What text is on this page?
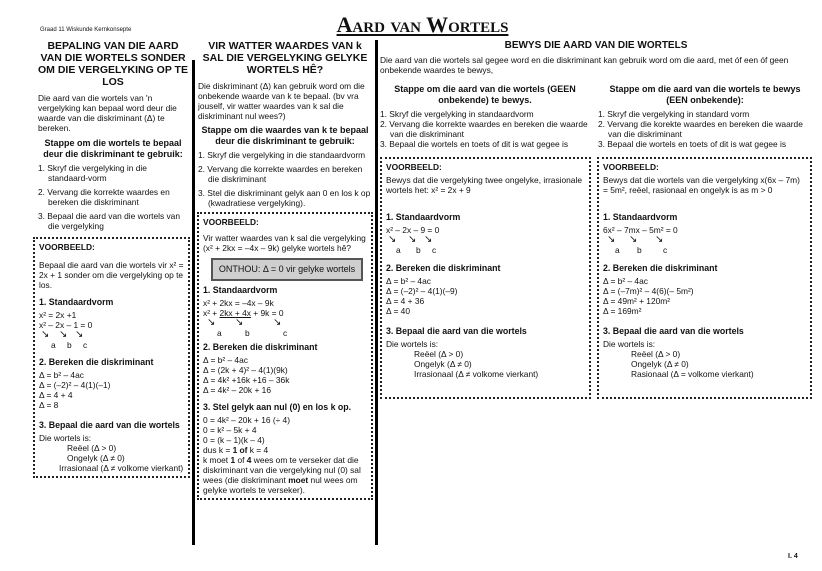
Graad 11 Wiskunde Kernkonsepte	Aard van Wortels
BEPALING VAN DIE AARD VAN DIE WORTELS SONDER OM DIE VERGELYKING OP TE LOS

Die aard van die wortels van 'n vergelyking kan bepaal word deur die waarde van die diskriminant (Δ) te bereken.

Stappe om die wortels te bepaal deur die diskriminant te gebruik:
1. Skryf die vergelyking in die standaard-vorm
2. Vervang die korrekte waardes en bereken die diskriminant
3. Bepaal die aard van die wortels van die vergelyking
VOORBEELD:

Bepaal die aard van die wortels vir x² = 2x + 1 sonder om die vergelyking op te los.

1. Standaardvorm
x² = 2x +1
x² – 2x – 1 = 0
↘ ↘ ↘
a b c
2. Bereken die diskriminant
Δ = b² – 4ac
Δ = (–2)² – 4(1)(–1)
Δ = 4 + 4
Δ = 8
3. Bepaal die aard van die wortels
Die wortels is:
Reëel (Δ > 0)
Ongelyk (Δ ≠ 0)
Irrasionaal (Δ ≠ volkome vierkant)
VIR WATTER WAARDES VAN k SAL DIE VERGELYKING GELYKE WORTELS HÊ?

Die diskriminant (Δ) kan gebruik word om die onbekende waarde van k te bepaal. (bv vra jouself, vir watter waardes van k sal die diskriminant nul wees?)

Stappe om die waardes van k te bepaal deur die diskriminant te gebruik:
1. Skryf die vergelyking in die standaardvorm
2. Vervang die korrekte waardes en bereken die diskriminant
3. Stel die diskriminant gelyk aan 0 en los k op (kwadratiese vergelyking).
VOORBEELD:

Vir watter waardes van k sal die vergelyking (x² + 2kx = –4x – 9k) gelyke wortels hê?

ONTHOU: Δ = 0 vir gelyke wortels
1. Standaardvorm
x² + 2kx = –4x – 9k
x² + 2kx + 4x + 9k = 0
↘ ↘	↘
a	b	c
2. Bereken die diskriminant
Δ = b² – 4ac
Δ = (2k + 4)² – 4(1)(9k)
Δ = 4k² +16k +16 – 36k
Δ = 4k² – 20k + 16
3. Stel gelyk aan nul (0) en los k op.
0 = 4k² – 20k + 16 (÷ 4)
0 = k² – 5k + 4
0 = (k – 1)(k – 4)
dus k = 1 of k = 4
k moet 1 of 4 wees om te verseker dat die diskriminant van die vergelyking nul (0) sal wees (die diskriminant moet nul wees om gelyke wortels te verseker).
BEWYS DIE AARD VAN DIE WORTELS

Die aard van die wortels sal gegee word en die diskriminant kan gebruik word om die aard, met óf een óf geen onbekende waardes te bewys,

Stappe om die aard van die wortels (GEEN onbekende) te bewys.
1. Skryf die vergelyking in standaardvorm
2. Vervang die korrekte waardes en bereken die waarde van die diskriminant
3. Bepaal die wortels en toets of dit is wat gegee is
Stappe om die aard van die wortels te bewys (EEN onbekende):
1. Skryf die vergelyking in standard vorm
2. Vervang die korekte waardes en bereken die waarde van die diskriminant
3. Bepaal die wortels en toets of dit is wat gegee is
VOORBEELD:

Bewys dat die vergelyking twee ongelyke, irrasionale wortels het: x² = 2x + 9

1. Standaardvorm
x² – 2x – 9 = 0
↘ ↘ ↘
a b c
2. Bereken die diskriminant
Δ = b² – 4ac
Δ = (–2)² – 4(1)(–9)
Δ = 4 + 36
Δ = 40
3. Bepaal die aard van die wortels
Die wortels is:
Reëel (Δ > 0)
Ongelyk (Δ ≠ 0)
Irrasionaal (Δ ≠ volkome vierkant)
VOORBEELD:

Bewys dat die wortels van die vergelyking x(6x – 7m) = 5m², reëel, rasionaal en ongelyk is as m > 0

1. Standaardvorm
6x² – 7mx – 5m² = 0
↘ ↘ ↘
a b	c
2. Bereken die diskriminant
Δ = b² – 4ac
Δ = (–7m)² – 4(6)(– 5m²)
Δ = 49m² + 120m²
Δ = 169m²
3. Bepaal die aard van die wortels
Die wortels is:
Reëel (Δ > 0)
Ongelyk (Δ ≠ 0)
Rasionaal (Δ = volkome vierkant)
I. 4
